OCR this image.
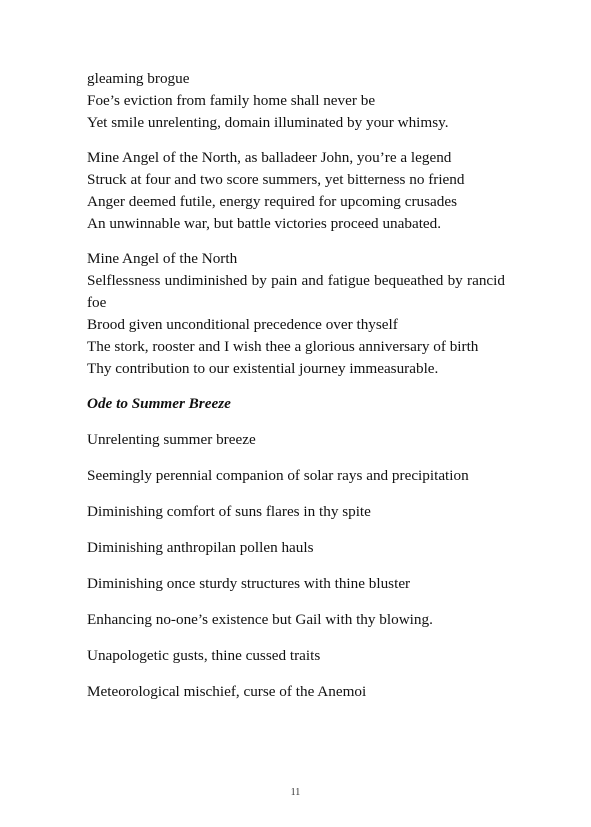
gleaming brogue

Foe’s eviction from family home shall never be

Yet smile unrelenting, domain illuminated by your whimsy.

Mine Angel of the North, as balladeer John, you’re a legend

Struck at four and two score summers, yet bitterness no friend

Anger deemed futile, energy required for upcoming crusades

An unwinnable war, but battle victories proceed unabated.

Mine Angel of the North

Selflessness undiminished by pain and fatigue bequeathed by rancid foe

Brood given unconditional precedence over thyself

The stork, rooster and I wish thee a glorious anniversary of birth

Thy contribution to our existential journey immeasurable.

Ode to Summer Breeze

Unrelenting summer breeze

Seemingly perennial companion of solar rays and precipitation

Diminishing comfort of suns flares in thy spite

Diminishing anthropilan pollen hauls

Diminishing once sturdy structures with thine bluster

Enhancing no-one’s existence but Gail with thy blowing.

Unapologetic gusts, thine cussed traits

Meteorological mischief, curse of the Anemoi

11
